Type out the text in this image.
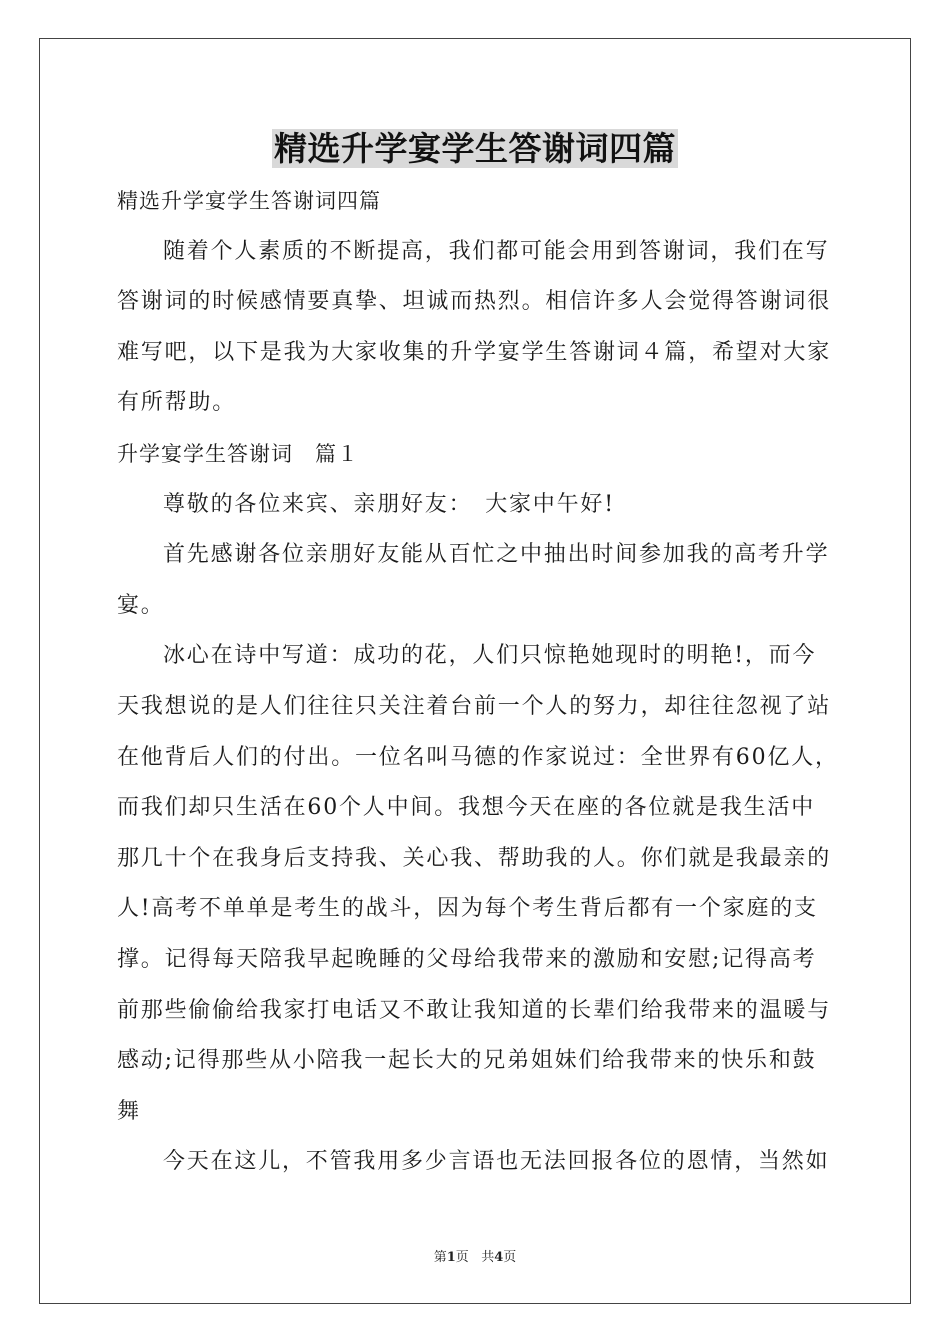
精选升学宴学生答谢词四篇
精选升学宴学生答谢词四篇
随着个人素质的不断提高，我们都可能会用到答谢词，我们在写
答谢词的时候感情要真挚、坦诚而热烈。相信许多人会觉得答谢词很
难写吧，以下是我为大家收集的升学宴学生答谢词４篇，希望对大家
有所帮助。
升学宴学生答谢词　篇１
尊敬的各位来宾、亲朋好友：　大家中午好!
首先感谢各位亲朋好友能从百忙之中抽出时间参加我的高考升学
宴。
冰心在诗中写道：成功的花，人们只惊艳她现时的明艳!，而今
天我想说的是人们往往只关注着台前一个人的努力，却往往忽视了站
在他背后人们的付出。一位名叫马德的作家说过：全世界有60亿人，
而我们却只生活在60个人中间。我想今天在座的各位就是我生活中
那几十个在我身后支持我、关心我、帮助我的人。你们就是我最亲的
人!高考不单单是考生的战斗，因为每个考生背后都有一个家庭的支
撑。记得每天陪我早起晚睡的父母给我带来的激励和安慰;记得高考
前那些偷偷给我家打电话又不敢让我知道的长辈们给我带来的温暖与
感动;记得那些从小陪我一起长大的兄弟姐妹们给我带来的快乐和鼓
舞
今天在这儿，不管我用多少言语也无法回报各位的恩情，当然如
第1页 共4页
